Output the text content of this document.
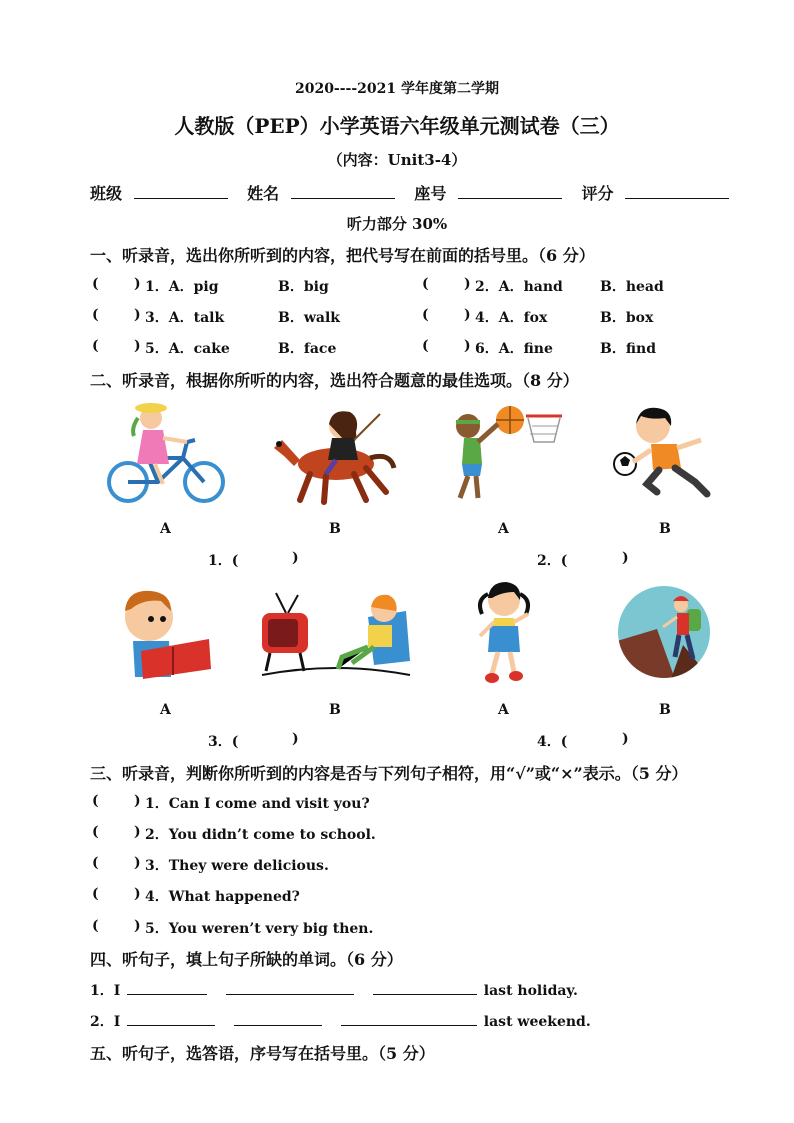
2020----2021 学年度第二学期
人教版（PEP）小学英语六年级单元测试卷（三）
（内容：Unit3-4）
班级	姓名	座号	评分
听力部分 30%
一、听录音，选出你所听到的内容，把代号写在前面的括号里。（6 分）
(	) 1．A．pig	B．big	(	) 2．A．hand	B．head
(	) 3．A．talk	B．walk	(	) 4．A．fox	B．box
(	) 5．A．cake	B．face	(	) 6．A．fine	B．find
二、听录音，根据你所听的内容，选出符合题意的最佳选项。（8 分）
A	B	A	B
1．(	)	2．(	)
A	B	A	B
3．(	)	4．(	)
三、听录音，判断你所听到的内容是否与下列句子相符，用“√”或“×”表示。（5 分）
(	) 1．Can I come and visit you?
(	) 2．You didn’t come to school.
(	) 3．They were delicious.
(	) 4．What happened?
(	) 5．You weren’t very big then.
四、听句子，填上句子所缺的单词。（6 分）
1．I	last holiday.
2．I	last weekend.
五、听句子，选答语，序号写在括号里。（5 分）
